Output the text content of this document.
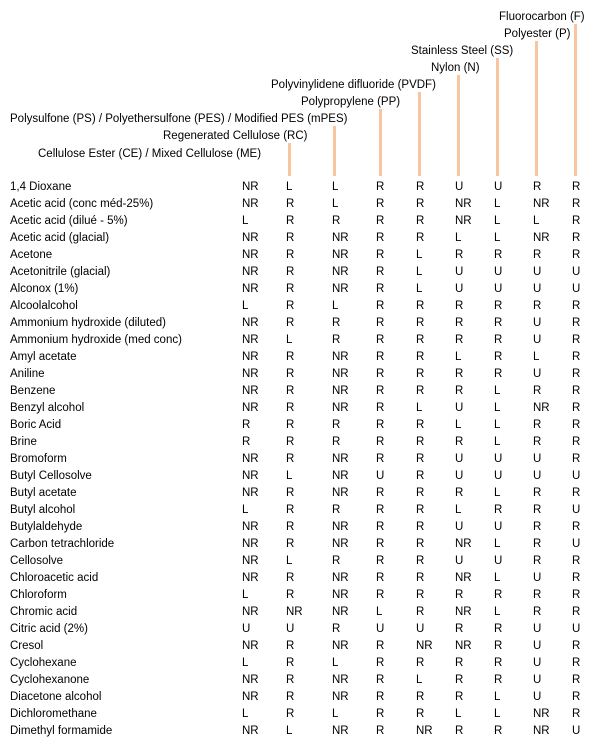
Cellulose Ester (CE) / Mixed Cellulose (ME)
Regenerated Cellulose (RC)
Polysulfone (PS) / Polyethersulfone (PES) / Modified PES (mPES)
Polypropylene (PP)
Polyvinylidene difluoride (PVDF)
Nylon (N)
Stainless Steel (SS)
Polyester (P)
Fluorocarbon (F)
1,4 Dioxane	NR L	L	R	R	U	U	R	R
Acetic acid (conc méd-25%)	NR R	L	R	R	NR L	NR R
Acetic acid (dilué - 5%)	L	R	R	R	R	NR L	L	R
Acetic acid (glacial)	NR R	NR R	R	L	L	NR R
Acetone	NR R	NR R	L	R	R	R	R
Acetonitrile (glacial)	NR R	NR R	L	U	U	U	U
Alconox (1%)	NR R	NR R	L	U	U	U	U
Alcoolalcohol	L	R	L	R	R	R	R	R	R
Ammonium hydroxide (diluted)	NR R	R	R	R	R	R	U	R
Ammonium hydroxide (med conc)	NR L	R	R	R	R	R	U	R
Amyl acetate	NR R	NR R	R	L	R	L	R
Aniline	NR R	NR R	R	R	R	U	R
Benzene	NR R	NR R	R	R	L	R	R
Benzyl alcohol	NR R	NR R	L	U	L	NR R
Boric Acid	R	R	R	R	R	L	L	R	R
Brine	R	R	R	R	R	R	L	R	R
Bromoform	NR R	NR R	R	U	U	U	R
Butyl Cellosolve	NR L	NR U	R	U	U	U	U
Butyl acetate	NR R	NR R	R	R	L	R	R
Butyl alcohol	L	R	R	R	R	L	R	R	U
Butylaldehyde	NR R	NR R	R	U	U	R	R
Carbon tetrachloride	NR R	NR R	R	NR L	R	U
Cellosolve	NR L	R	R	R	U	U	R	R
Chloroacetic acid	NR R	NR R	R	NR L	U	R
Chloroform	L	R	NR R	R	R	R	R	R
Chromic acid	NR NR	NR L	R	NR L	R	R
Citric acid (2%)	U	U	R	U	U	R	R	U	U
Cresol	NR R	NR R	NR NR R	U	R
Cyclohexane	L	R	L	R	R	R	R	U	R
Cyclohexanone	NR R	NR R	L	R	R	U	R
Diacetone alcohol	NR R	NR R	R	R	L	U	R
Dichloromethane	L	R	L	R	R	L	L	NR R
Dimethyl formamide	NR L	NR R	NR R	R	NR U
